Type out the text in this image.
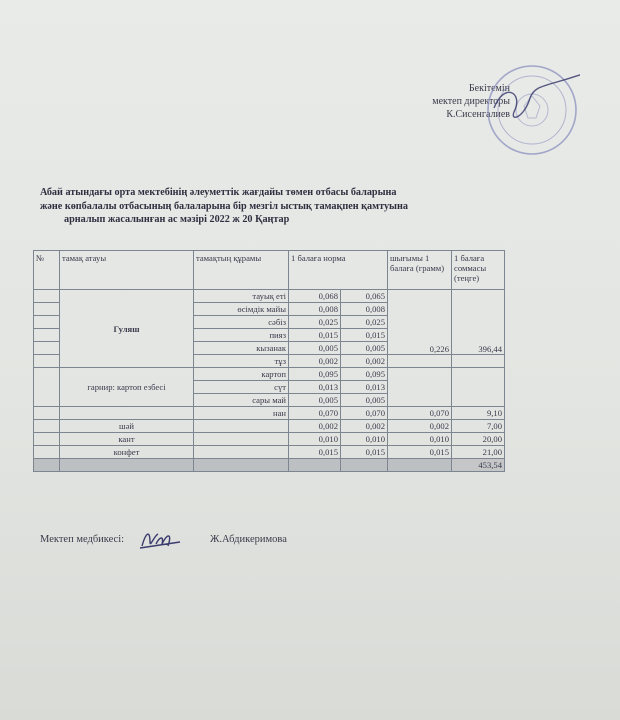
Бекітемін
мектеп директоры
К.Сисенгалиев
Абай атындағы орта мектебінің әлеуметтік жағдайы төмен отбасы баларына
және көпбалалы отбасының балаларына бір мезгіл ыстық тамақпен қамтуына
арналып жасалынған ас мәзірі 2022 ж 20 Қаңтар
№	тамақ атауы	тамақтың құрамы	1 балаға норма		шығымы 1 балаға (грамм)	1 балаға соммасы (теңге)
	Гуляш	тауық еті	0,068	0,065	0,226	396,44
		өсімдік майы	0,008	0,008		
		сәбіз	0,025	0,025		
		пияз	0,015	0,015		
		кызанак	0,005	0,005		
		тұз	0,002	0,002		
	гарнир: картоп езбесі	картоп	0,095	0,095		
		сүт	0,013	0,013		
		сары май	0,005	0,005		
		нан	0,070	0,070	0,070	9,10
	шәй		0,002	0,002	0,002	7,00
	кант		0,010	0,010	0,010	20,00
	конфет		0,015	0,015	0,015	21,00
						453,54
Мектеп медбикесі:	Ж.Абдикеримова
